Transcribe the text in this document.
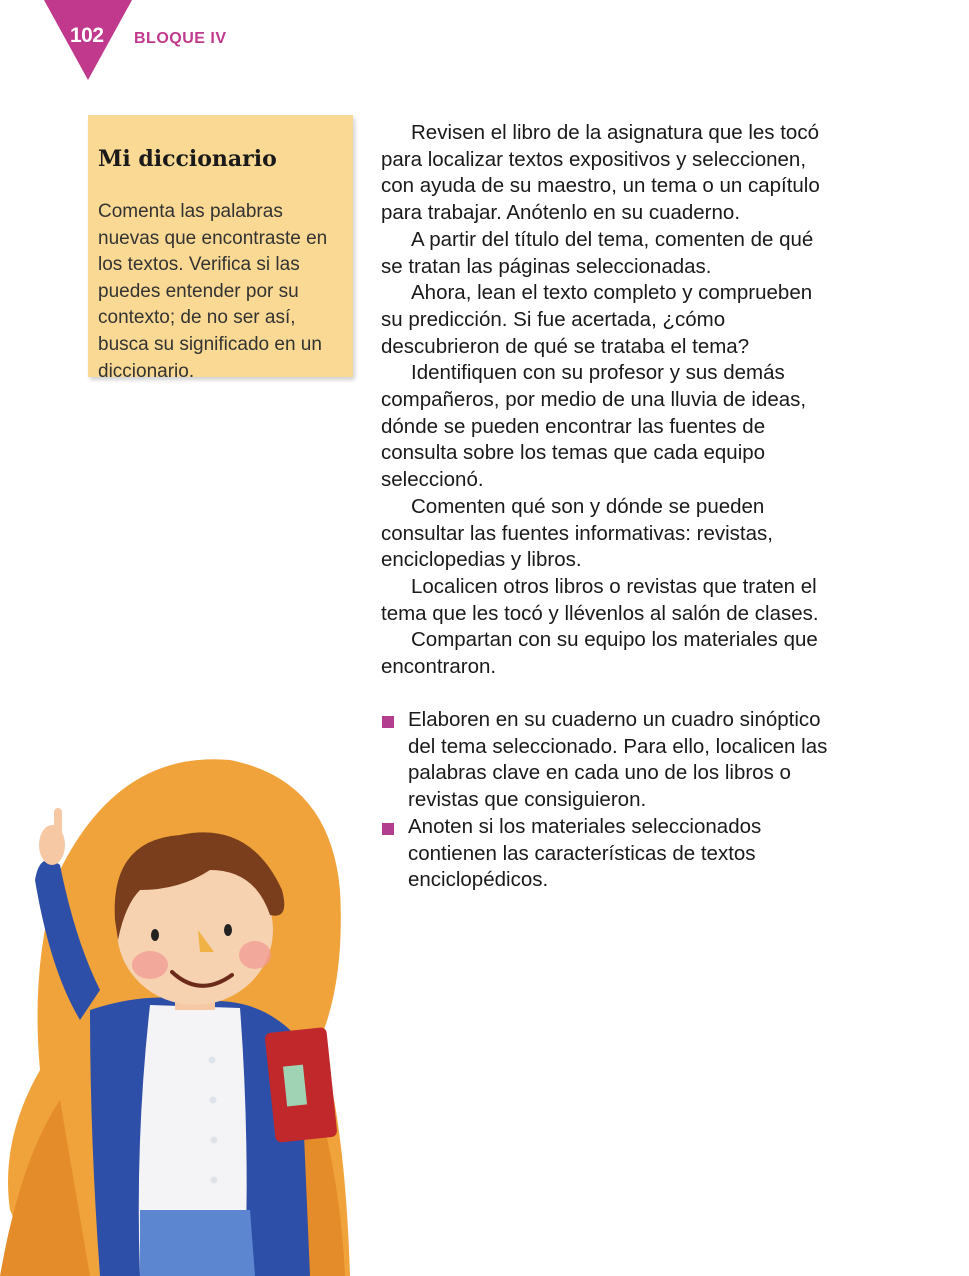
102 BLOQUE IV
Mi diccionario

Comenta las palabras nuevas que encontraste en los textos. Verifica si las puedes entender por su contexto; de no ser así, busca su significado en un diccionario.

Revisen el libro de la asignatura que les tocó para localizar textos expositivos y seleccionen, con ayuda de su maestro, un tema o un capítulo para trabajar. Anótenlo en su cuaderno.

A partir del título del tema, comenten de qué se tratan las páginas seleccionadas.

Ahora, lean el texto completo y comprueben su predicción. Si fue acertada, ¿cómo descubrieron de qué se trataba el tema?

Identifiquen con su profesor y sus demás compañeros, por medio de una lluvia de ideas, dónde se pueden encontrar las fuentes de consulta sobre los temas que cada equipo seleccionó.

Comenten qué son y dónde se pueden consultar las fuentes informativas: revistas, enciclopedias y libros.

Localicen otros libros o revistas que traten el tema que les tocó y llévenlos al salón de clases.

Compartan con su equipo los materiales que encontraron.

Elaboren en su cuaderno un cuadro sinóptico del tema seleccionado. Para ello, localicen las palabras clave en cada uno de los libros o revistas que consiguieron.
Anoten si los materiales seleccionados contienen las características de textos enciclopédicos.
